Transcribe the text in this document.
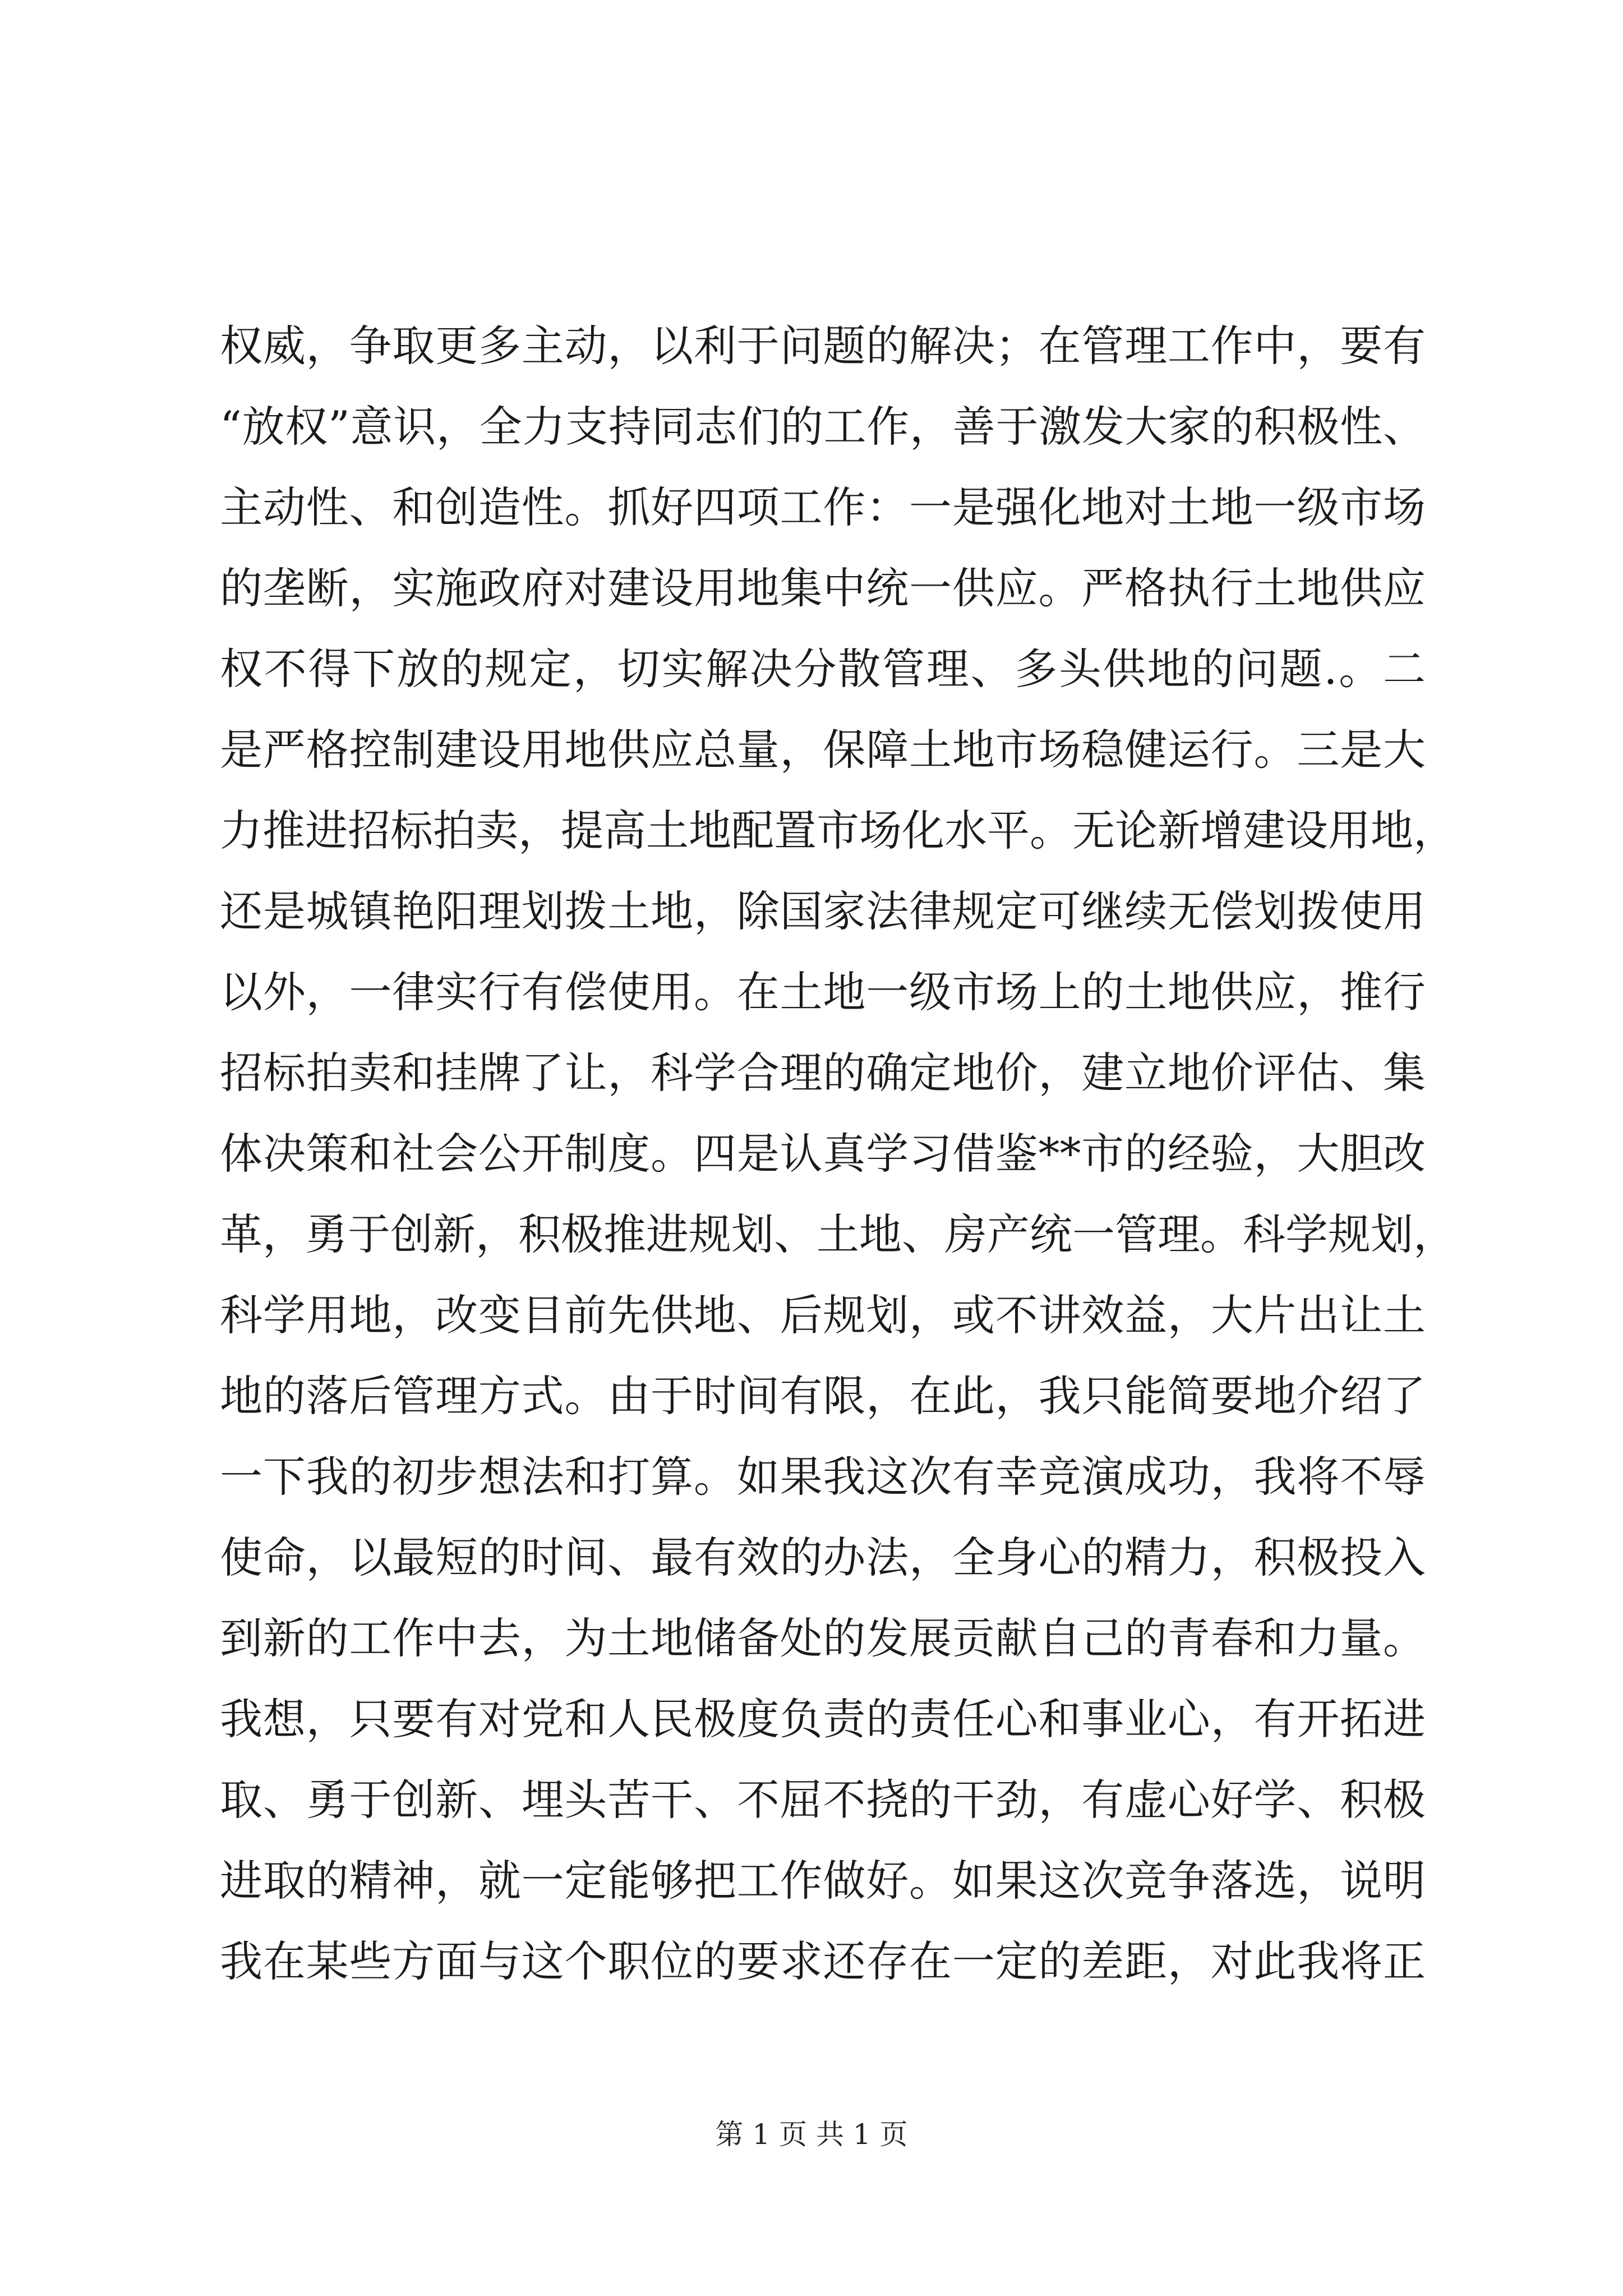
权威，争取更多主动，以利于问题的解决；在管理工作中，要有
“放权”意识，全力支持同志们的工作，善于激发大家的积极性、
主动性、和创造性。抓好四项工作：一是强化地对土地一级市场
的垄断，实施政府对建设用地集中统一供应。严格执行土地供应
权不得下放的规定，切实解决分散管理、多头供地的问题.。二
是严格控制建设用地供应总量，保障土地市场稳健运行。三是大
力推进招标拍卖，提高土地配置市场化水平。无论新增建设用地，
还是城镇艳阳理划拨土地，除国家法律规定可继续无偿划拨使用
以外，一律实行有偿使用。在土地一级市场上的土地供应，推行
招标拍卖和挂牌了让，科学合理的确定地价，建立地价评估、集
体决策和社会公开制度。四是认真学习借鉴**市的经验，大胆改
革，勇于创新，积极推进规划、土地、房产统一管理。科学规划，
科学用地，改变目前先供地、后规划，或不讲效益，大片出让土
地的落后管理方式。由于时间有限，在此，我只能简要地介绍了
一下我的初步想法和打算。如果我这次有幸竞演成功，我将不辱
使命，以最短的时间、最有效的办法，全身心的精力，积极投入
到新的工作中去，为土地储备处的发展贡献自己的青春和力量。
我想，只要有对党和人民极度负责的责任心和事业心，有开拓进
取、勇于创新、埋头苦干、不屈不挠的干劲，有虚心好学、积极
进取的精神，就一定能够把工作做好。如果这次竞争落选，说明
我在某些方面与这个职位的要求还存在一定的差距，对此我将正
第 1 页 共 1 页
